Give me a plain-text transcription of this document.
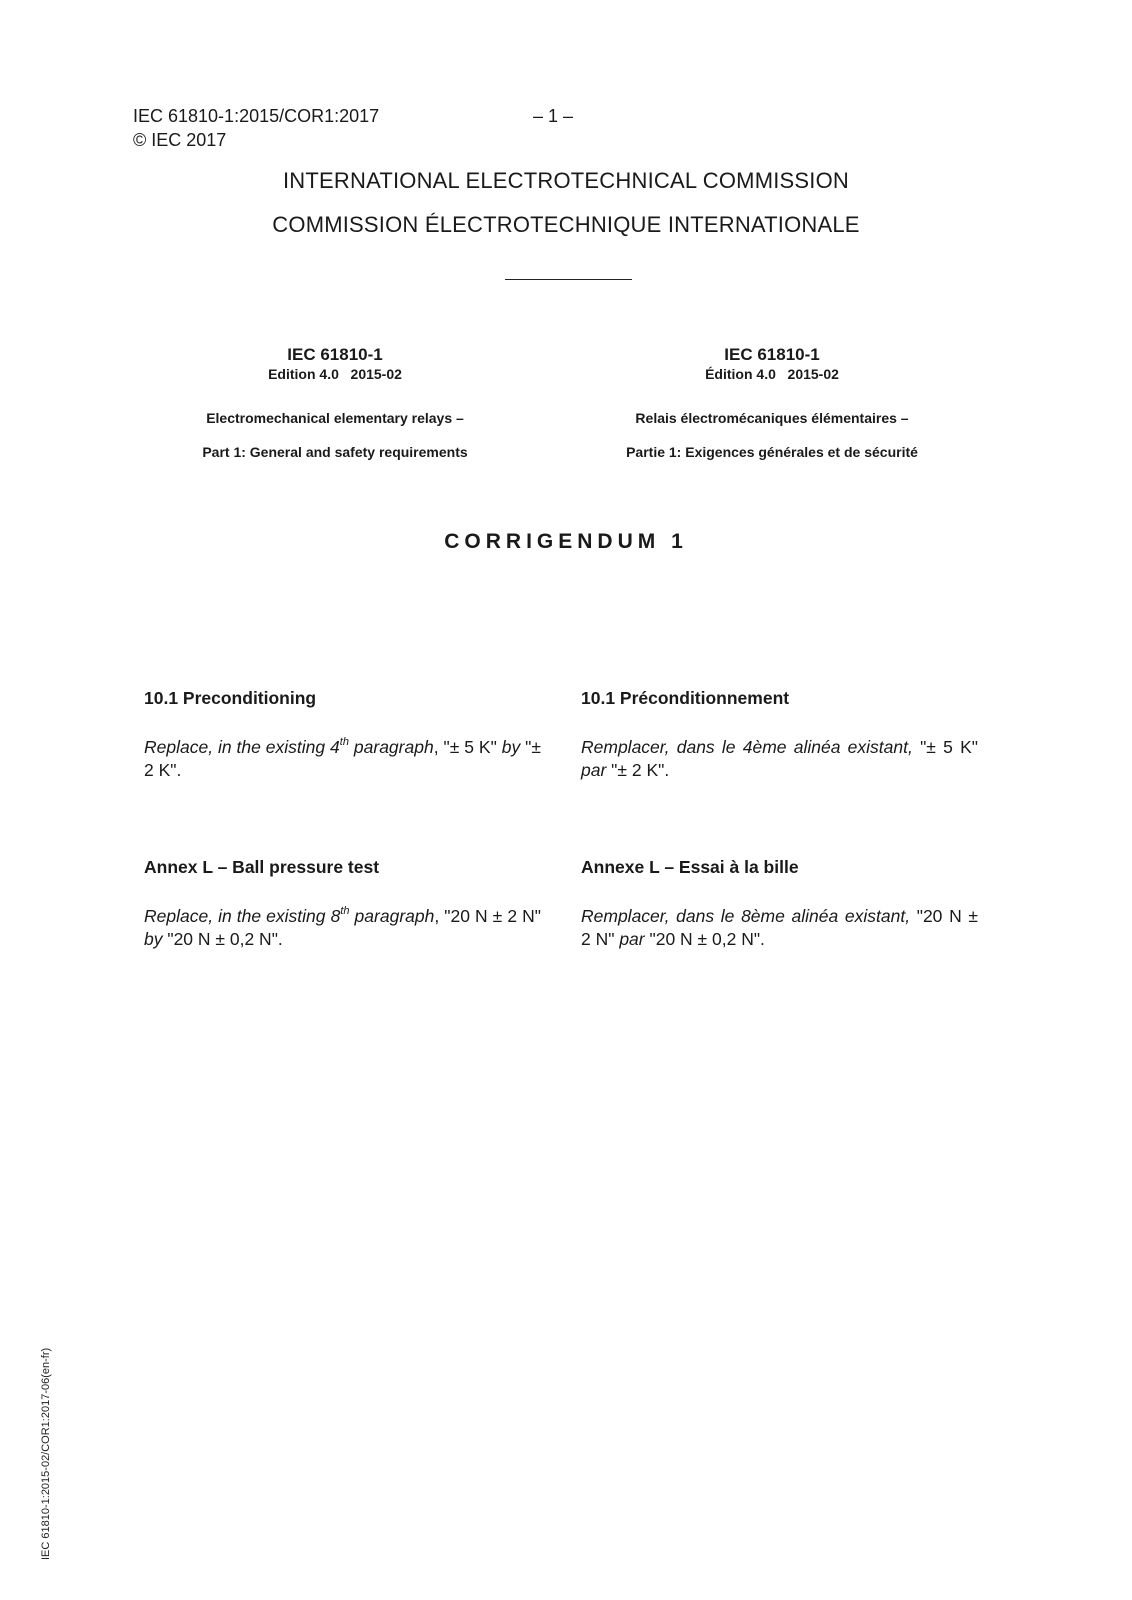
IEC 61810-1:2015/COR1:2017	– 1 –
© IEC 2017
INTERNATIONAL ELECTROTECHNICAL COMMISSION
COMMISSION ÉLECTROTECHNIQUE INTERNATIONALE
IEC 61810-1
Edition 4.0   2015-02
Electromechanical elementary relays –
Part 1: General and safety requirements
IEC 61810-1
Édition 4.0   2015-02
Relais électromécaniques élémentaires –
Partie 1: Exigences générales et de sécurité
CORRIGENDUM 1
10.1 Preconditioning
Replace, in the existing 4th paragraph, "± 5 K" by "± 2 K".
10.1 Préconditionnement
Remplacer, dans le 4ème alinéa existant, "± 5 K" par "± 2 K".
Annex L – Ball pressure test
Replace, in the existing 8th paragraph, "20 N ± 2 N" by "20 N ± 0,2 N".
Annexe L – Essai à la bille
Remplacer, dans le 8ème alinéa existant, "20 N ± 2 N" par "20 N ± 0,2 N".
IEC 61810-1:2015-02/COR1:2017-06(en-fr)
